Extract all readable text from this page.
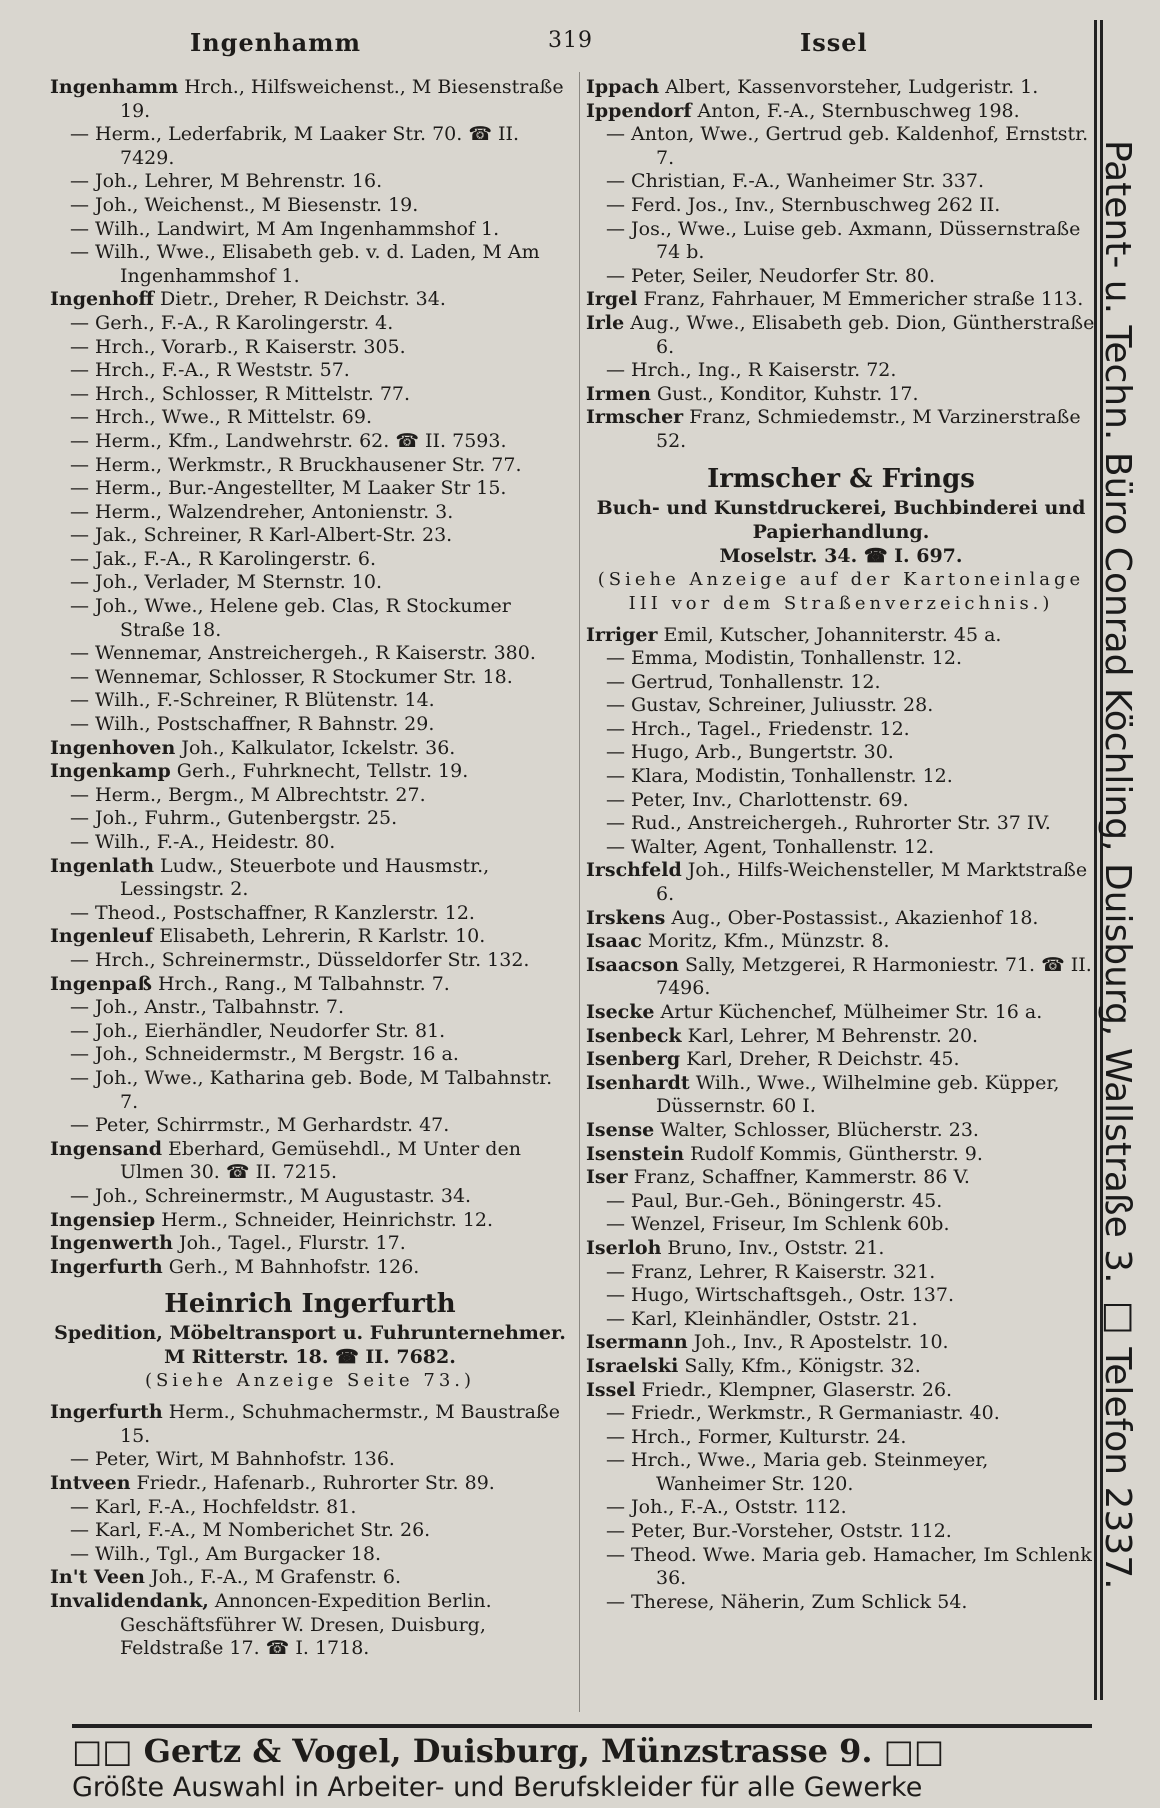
Ingenhamm	319	Issel

Ingenhamm Hrch., Hilfsweichenst., M Biesenstraße 19.

— Herm., Lederfabrik, M Laaker Str. 70. ☎ II. 7429.

— Joh., Lehrer, M Behrenstr. 16.

— Joh., Weichenst., M Biesenstr. 19.

— Wilh., Landwirt, M Am Ingenhammshof 1.

— Wilh., Wwe., Elisabeth geb. v. d. Laden, M Am Ingenhammshof 1.

Ingenhoff Dietr., Dreher, R Deichstr. 34.

— Gerh., F.-A., R Karolingerstr. 4.

— Hrch., Vorarb., R Kaiserstr. 305.

— Hrch., F.-A., R Weststr. 57.

— Hrch., Schlosser, R Mittelstr. 77.

— Hrch., Wwe., R Mittelstr. 69.

— Herm., Kfm., Landwehrstr. 62. ☎ II. 7593.

— Herm., Werkmstr., R Bruckhausener Str. 77.

— Herm., Bur.-Angestellter, M Laaker Str 15.

— Herm., Walzendreher, Antonienstr. 3.

— Jak., Schreiner, R Karl-Albert-Str. 23.

— Jak., F.-A., R Karolingerstr. 6.

— Joh., Verlader, M Sternstr. 10.

— Joh., Wwe., Helene geb. Clas, R Stockumer Straße 18.

— Wennemar, Anstreichergeh., R Kaiserstr. 380.

— Wennemar, Schlosser, R Stockumer Str. 18.

— Wilh., F.-Schreiner, R Blütenstr. 14.

— Wilh., Postschaffner, R Bahnstr. 29.

Ingenhoven Joh., Kalkulator, Ickelstr. 36.

Ingenkamp Gerh., Fuhrknecht, Tellstr. 19.

— Herm., Bergm., M Albrechtstr. 27.

— Joh., Fuhrm., Gutenbergstr. 25.

— Wilh., F.-A., Heidestr. 80.

Ingenlath Ludw., Steuerbote und Hausmstr., Lessingstr. 2.

— Theod., Postschaffner, R Kanzlerstr. 12.

Ingenleuf Elisabeth, Lehrerin, R Karlstr. 10.

— Hrch., Schreinermstr., Düsseldorfer Str. 132.

Ingenpaß Hrch., Rang., M Talbahnstr. 7.

— Joh., Anstr., Talbahnstr. 7.

— Joh., Eierhändler, Neudorfer Str. 81.

— Joh., Schneidermstr., M Bergstr. 16 a.

— Joh., Wwe., Katharina geb. Bode, M Talbahnstr. 7.

— Peter, Schirrmstr., M Gerhardstr. 47.

Ingensand Eberhard, Gemüsehdl., M Unter den Ulmen 30. ☎ II. 7215.

— Joh., Schreinermstr., M Augustastr. 34.

Ingensiep Herm., Schneider, Heinrichstr. 12.

Ingenwerth Joh., Tagel., Flurstr. 17.

Ingerfurth Gerh., M Bahnhofstr. 126.

Heinrich Ingerfurth
Spedition, Möbeltransport u. Fuhrunternehmer.
M Ritterstr. 18. ☎ II. 7682.
(Siehe Anzeige Seite 73.)

Ingerfurth Herm., Schuhmachermstr., M Baustraße 15.

— Peter, Wirt, M Bahnhofstr. 136.

Intveen Friedr., Hafenarb., Ruhrorter Str. 89.

— Karl, F.-A., Hochfeldstr. 81.

— Karl, F.-A., M Nomberichet Str. 26.

— Wilh., Tgl., Am Burgacker 18.

In't Veen Joh., F.-A., M Grafenstr. 6.

Invalidendank, Annoncen-Expedition Berlin. Geschäftsführer W. Dresen, Duisburg, Feldstraße 17. ☎ I. 1718.

Ippach Albert, Kassenvorsteher, Ludgeristr. 1.

Ippendorf Anton, F.-A., Sternbuschweg 198.

— Anton, Wwe., Gertrud geb. Kaldenhof, Ernststr. 7.

— Christian, F.-A., Wanheimer Str. 337.

— Ferd. Jos., Inv., Sternbuschweg 262 II.

— Jos., Wwe., Luise geb. Axmann, Düssernstraße 74 b.

— Peter, Seiler, Neudorfer Str. 80.

Irgel Franz, Fahrhauer, M Emmericher straße 113.

Irle Aug., Wwe., Elisabeth geb. Dion, Güntherstraße 6.

— Hrch., Ing., R Kaiserstr. 72.

Irmen Gust., Konditor, Kuhstr. 17.

Irmscher Franz, Schmiedemstr., M Varzinerstraße 52.

Irmscher & Frings
Buch- und Kunstdruckerei, Buchbinderei und Papierhandlung.
Moselstr. 34. ☎ I. 697.
(Siehe Anzeige auf der Kartoneinlage III vor dem Straßenverzeichnis.)

Irriger Emil, Kutscher, Johanniterstr. 45 a.

— Emma, Modistin, Tonhallenstr. 12.

— Gertrud, Tonhallenstr. 12.

— Gustav, Schreiner, Juliusstr. 28.

— Hrch., Tagel., Friedenstr. 12.

— Hugo, Arb., Bungertstr. 30.

— Klara, Modistin, Tonhallenstr. 12.

— Peter, Inv., Charlottenstr. 69.

— Rud., Anstreichergeh., Ruhrorter Str. 37 IV.

— Walter, Agent, Tonhallenstr. 12.

Irschfeld Joh., Hilfs-Weichensteller, M Marktstraße 6.

Irskens Aug., Ober-Postassist., Akazienhof 18.

Isaac Moritz, Kfm., Münzstr. 8.

Isaacson Sally, Metzgerei, R Harmoniestr. 71. ☎ II. 7496.

Isecke Artur Küchenchef, Mülheimer Str. 16 a.

Isenbeck Karl, Lehrer, M Behrenstr. 20.

Isenberg Karl, Dreher, R Deichstr. 45.

Isenhardt Wilh., Wwe., Wilhelmine geb. Küpper, Düssernstr. 60 I.

Isense Walter, Schlosser, Blücherstr. 23.

Isenstein Rudolf Kommis, Güntherstr. 9.

Iser Franz, Schaffner, Kammerstr. 86 V.

— Paul, Bur.-Geh., Böningerstr. 45.

— Wenzel, Friseur, Im Schlenk 60b.

Iserloh Bruno, Inv., Oststr. 21.

— Franz, Lehrer, R Kaiserstr. 321.

— Hugo, Wirtschaftsgeh., Ostr. 137.

— Karl, Kleinhändler, Oststr. 21.

Isermann Joh., Inv., R Apostelstr. 10.

Israelski Sally, Kfm., Königstr. 32.

Issel Friedr., Klempner, Glaserstr. 26.

— Friedr., Werkmstr., R Germaniastr. 40.

— Hrch., Former, Kulturstr. 24.

— Hrch., Wwe., Maria geb. Steinmeyer, Wanheimer Str. 120.

— Joh., F.-A., Oststr. 112.

— Peter, Bur.-Vorsteher, Oststr. 112.

— Theod. Wwe. Maria geb. Hamacher, Im Schlenk 36.

— Therese, Näherin, Zum Schlick 54.

Patent- u. Techn. Büro Conrad Köchling, Duisburg, Wallstraße 3. □ Telefon 2337.
□□ Gertz & Vogel, Duisburg, Münzstrasse 9. □□
Größte Auswahl in Arbeiter- und Berufskleider für alle Gewerke
